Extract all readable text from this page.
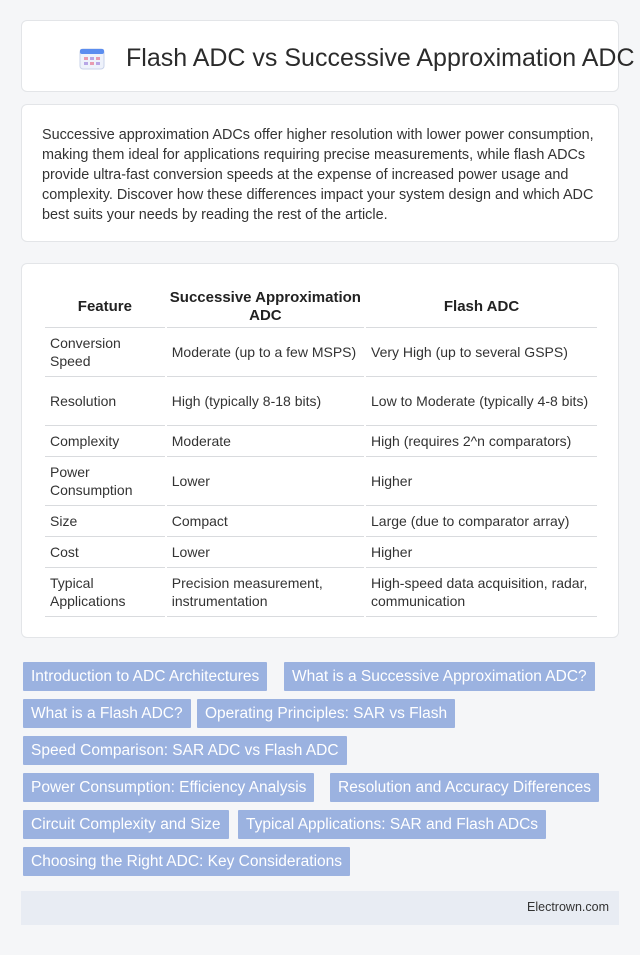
Flash ADC vs Successive Approximation ADC

Successive approximation ADCs offer higher resolution with lower power consumption, making them ideal for applications requiring precise measurements, while flash ADCs provide ultra-fast conversion speeds at the expense of increased power usage and complexity. Discover how these differences impact your system design and which ADC best suits your needs by reading the rest of the article.

Feature	Successive Approximation ADC	Flash ADC
Conversion Speed	Moderate (up to a few MSPS)	Very High (up to several GSPS)
Resolution	High (typically 8-18 bits)	Low to Moderate (typically 4-8 bits)
Complexity	Moderate	High (requires 2^n comparators)
Power Consumption	Lower	Higher
Size	Compact	Large (due to comparator array)
Cost	Lower	Higher
Typical Applications	Precision measurement, instrumentation	High-speed data acquisition, radar, communication
Introduction to ADC Architectures	What is a Successive Approximation ADC?
What is a Flash ADC?	Operating Principles: SAR vs Flash
Speed Comparison: SAR ADC vs Flash ADC
Power Consumption: Efficiency Analysis	Resolution and Accuracy Differences
Circuit Complexity and Size	Typical Applications: SAR and Flash ADCs
Choosing the Right ADC: Key Considerations
Electrown.com
